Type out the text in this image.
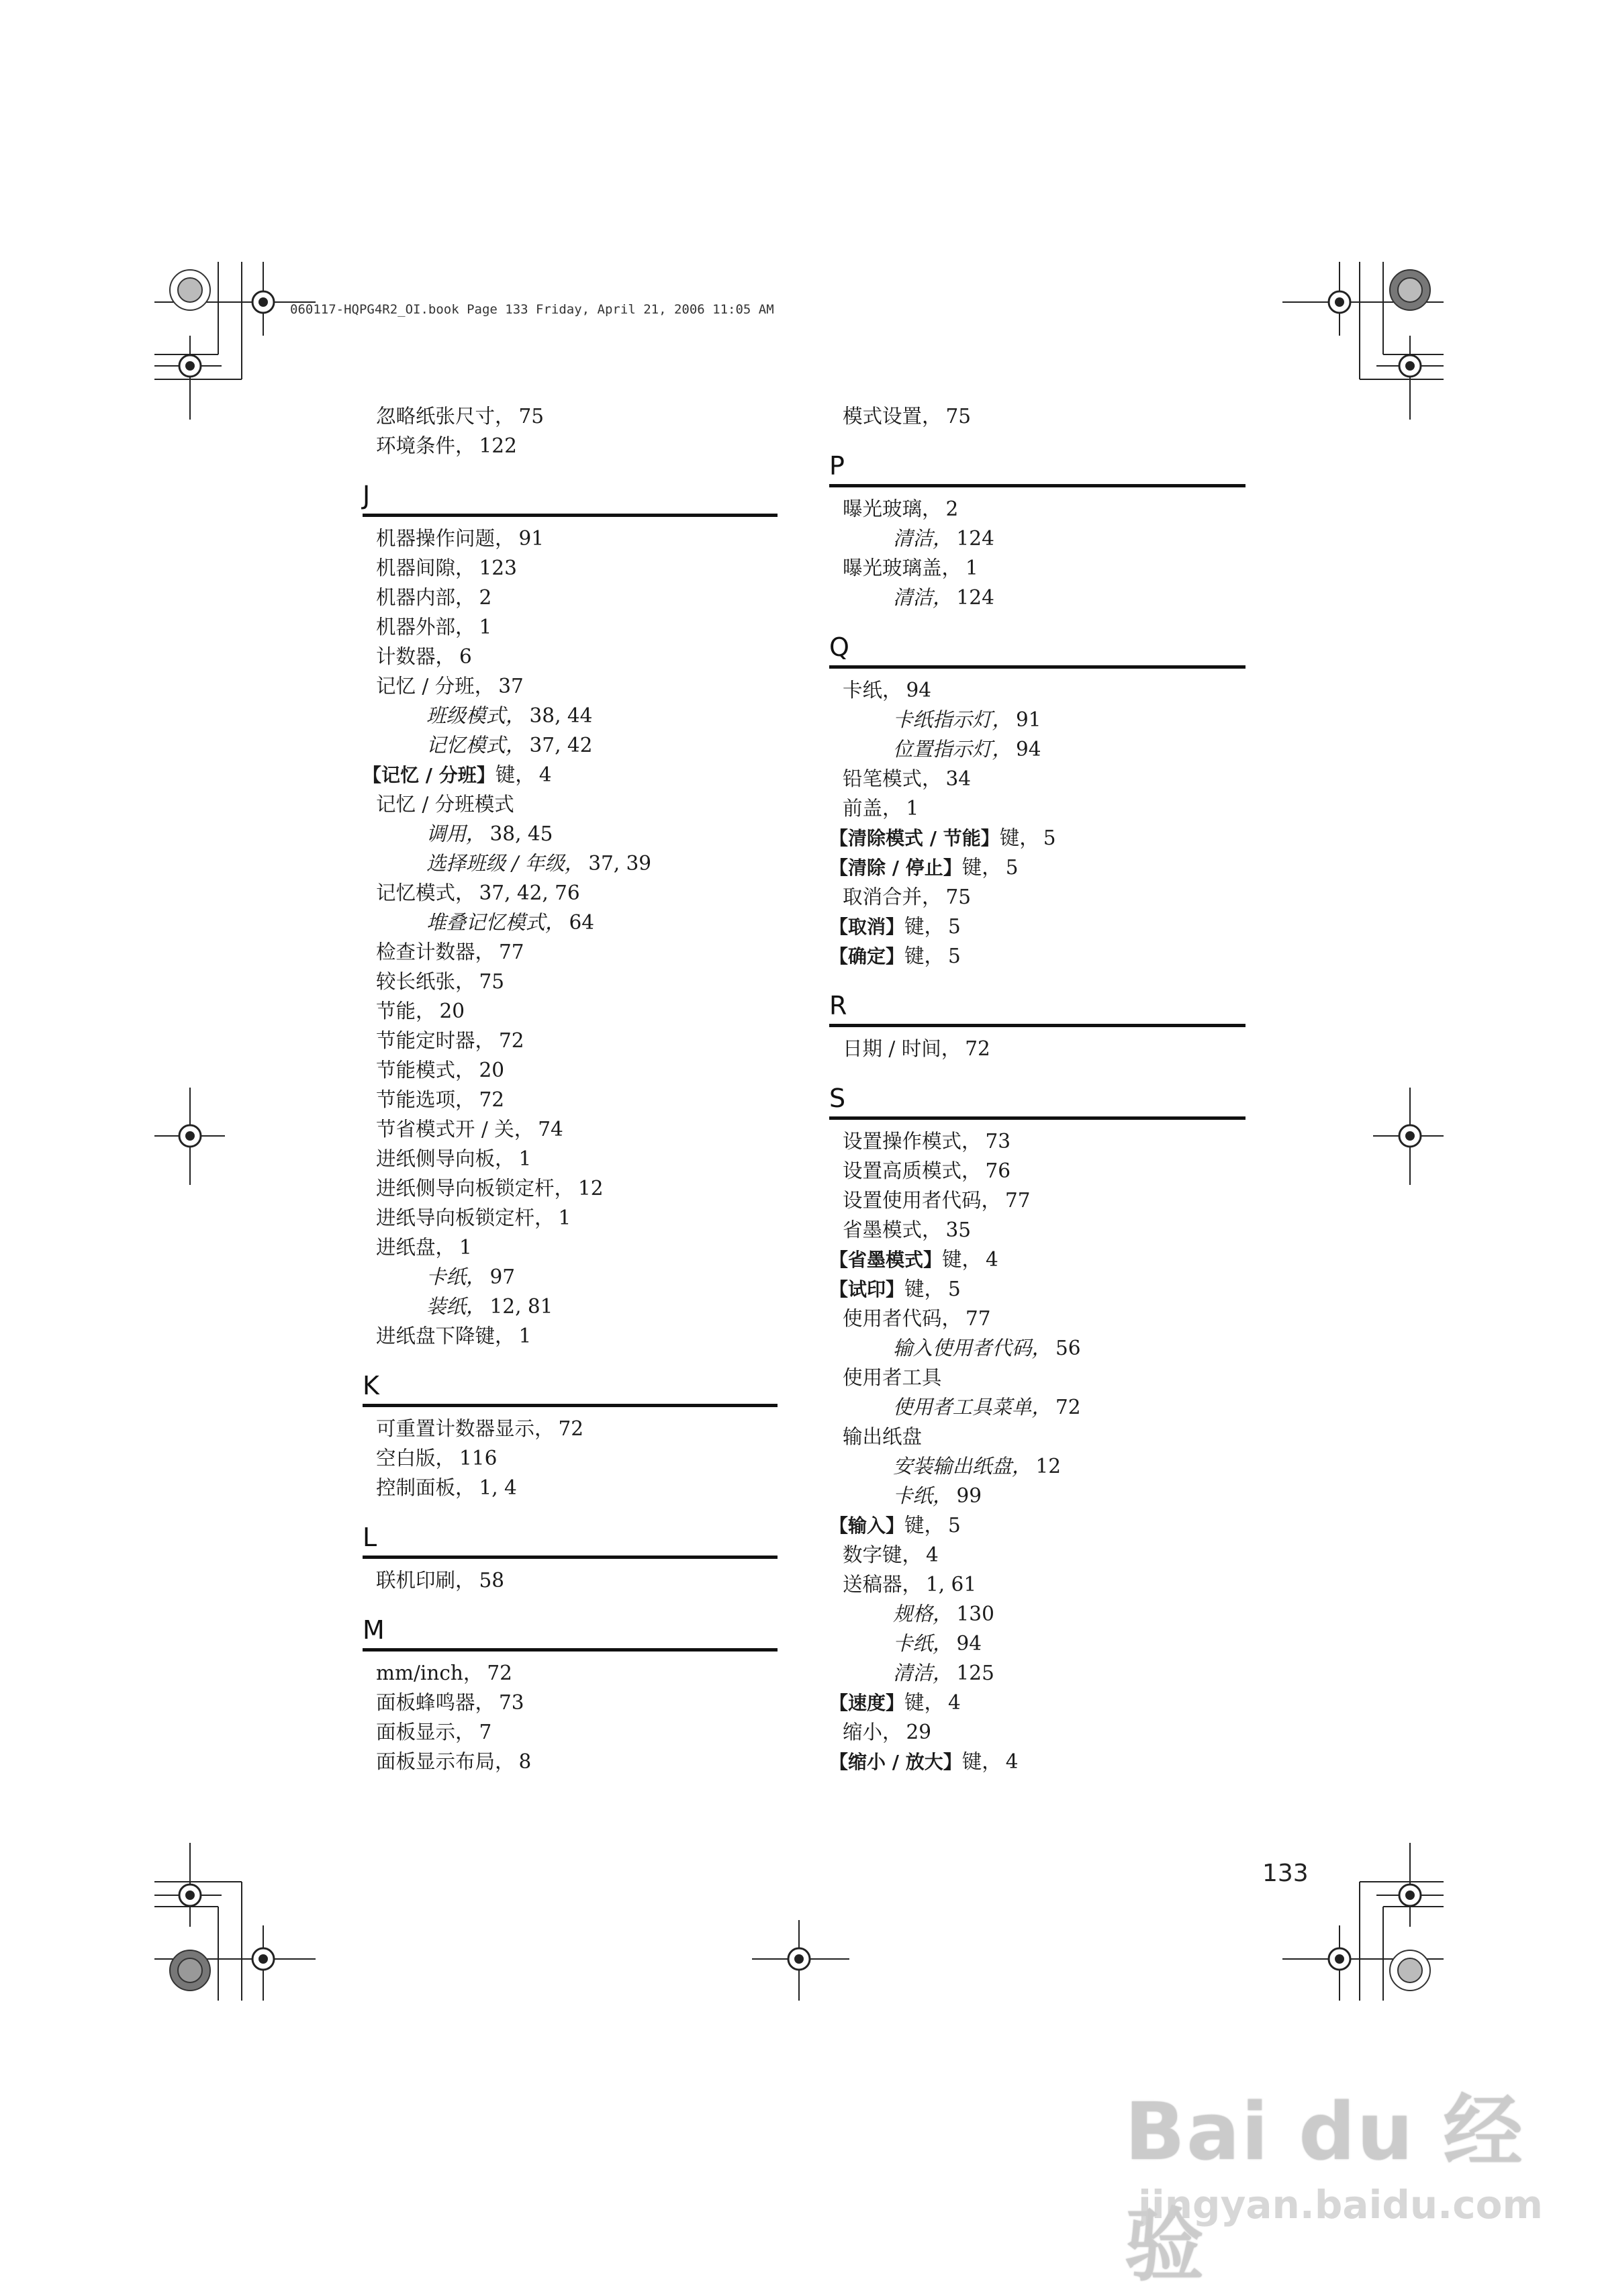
060117-HQPG4R2_OI.book Page 133 Friday, April 21, 2006 11:05 AM
忽略纸张尺寸， 75
环境条件， 122
J
机器操作问题， 91
机器间隙， 123
机器内部， 2
机器外部， 1
计数器， 6
记忆 / 分班， 37
班级模式， 38, 44
记忆模式， 37, 42
【记忆 / 分班】键， 4
记忆 / 分班模式
调用， 38, 45
选择班级 / 年级， 37, 39
记忆模式， 37, 42, 76
堆叠记忆模式， 64
检查计数器， 77
较长纸张， 75
节能， 20
节能定时器， 72
节能模式， 20
节能选项， 72
节省模式开 / 关， 74
进纸侧导向板， 1
进纸侧导向板锁定杆， 12
进纸导向板锁定杆， 1
进纸盘， 1
卡纸， 97
装纸， 12, 81
进纸盘下降键， 1
K
可重置计数器显示， 72
空白版， 116
控制面板， 1, 4
L
联机印刷， 58
M
mm/inch， 72
面板蜂鸣器， 73
面板显示， 7
面板显示布局， 8
模式设置， 75
P
曝光玻璃， 2
清洁， 124
曝光玻璃盖， 1
清洁， 124
Q
卡纸， 94
卡纸指示灯， 91
位置指示灯， 94
铅笔模式， 34
前盖， 1
【清除模式 / 节能】键， 5
【清除 / 停止】键， 5
取消合并， 75
【取消】键， 5
【确定】键， 5
R
日期 / 时间， 72
S
设置操作模式， 73
设置高质模式， 76
设置使用者代码， 77
省墨模式， 35
【省墨模式】键， 4
【试印】键， 5
使用者代码， 77
输入使用者代码， 56
使用者工具
使用者工具菜单， 72
输出纸盘
安装输出纸盘， 12
卡纸， 99
【输入】键， 5
数字键， 4
送稿器， 1, 61
规格， 130
卡纸， 94
清洁， 125
【速度】键， 4
缩小， 29
【缩小 / 放大】键， 4
133
Bai du 经验
jingyan.baidu.com
